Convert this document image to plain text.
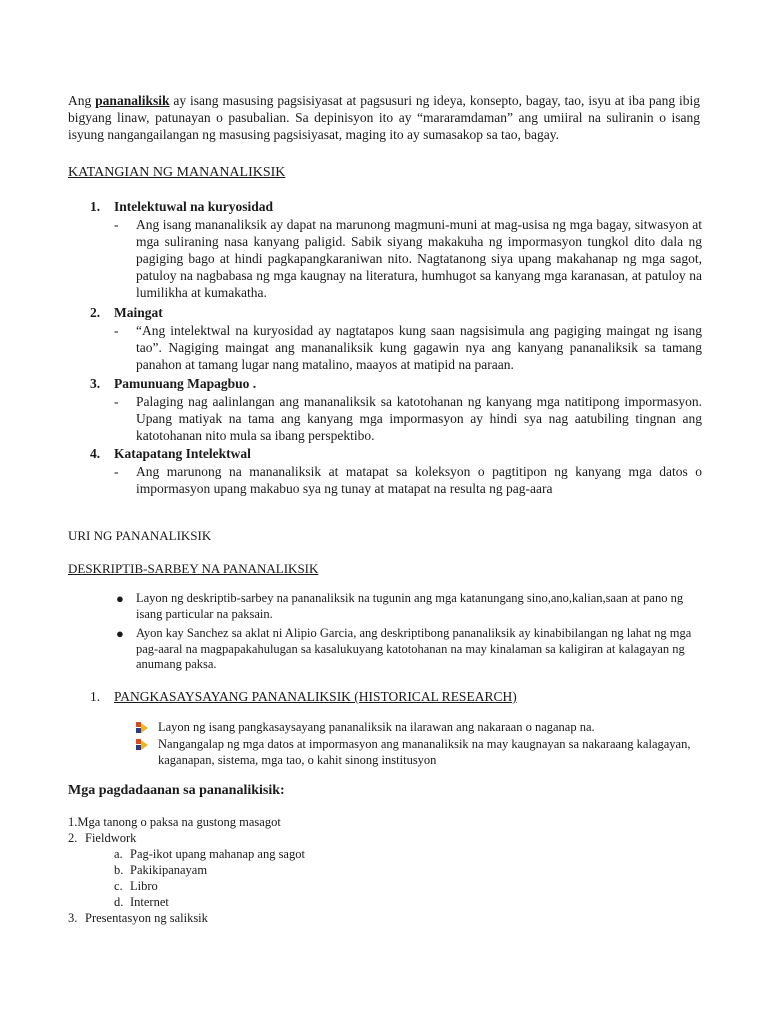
Ang pananaliksik ay isang masusing pagsisiyasat at pagsusuri ng ideya, konsepto, bagay, tao, isyu at iba pang ibig bigyang linaw, patunayan o pasubalian. Sa depinisyon ito ay “mararamdaman” ang umiiral na suliranin o isang isyung nangangailangan ng masusing pagsisiyasat, maging ito ay sumasakop sa tao, bagay.
KATANGIAN NG MANANALIKSIK
1. Intelektuwal na kuryosidad
- Ang isang mananaliksik ay dapat na marunong magmuni-muni at mag-usisa ng mga bagay, sitwasyon at mga suliraning nasa kanyang paligid. Sabik siyang makakuha ng impormasyon tungkol dito dala ng pagiging bago at hindi pagkapangkaraniwan nito. Nagtatanong siya upang makahanap ng mga sagot, patuloy na nagbabasa ng mga kaugnay na literatura, humhugot sa kanyang mga karanasan, at patuloy na lumilikha at kumakatha.
2. Maingat
- “Ang intelektwal na kuryosidad ay nagtatapos kung saan nagsisimula ang pagiging maingat ng isang tao”. Nagiging maingat ang mananaliksik kung gagawin nya ang kanyang pananaliksik sa tamang panahon at tamang lugar nang matalino, maayos at matipid na paraan.
3. Pamunuang Mapagbuo .
- Palaging nag aalinlangan ang mananaliksik sa katotohanan ng kanyang mga natitipong impormasyon. Upang matiyak na tama ang kanyang mga impormasyon ay hindi sya nag aatubiling tingnan ang katotohanan nito mula sa ibang perspektibo.
4. Katapatang Intelektwal
- Ang marunong na mananaliksik at matapat sa koleksyon o pagtitipon ng kanyang mga datos o impormasyon upang makabuo sya ng tunay at matapat na resulta ng pag-aara
URI NG PANANALIKSIK
DESKRIPTIB-SARBEY NA PANANALIKSIK
● Layon ng deskriptib-sarbey na pananaliksik na tugunin ang mga katanungang sino,ano,kalian,saan at pano ng isang particular na paksain.
● Ayon kay Sanchez sa aklat ni Alipio Garcia, ang deskriptibong pananaliksik ay kinabibilangan ng lahat ng mga pag-aaral na magpapakahulugan sa kasalukuyang katotohanan na may kinalaman sa kaligiran at kalagayan ng anumang paksa.
1. PANGKASAYSAYANG PANANALIKSIK (HISTORICAL RESEARCH)
Layon ng isang pangkasaysayang pananaliksik na ilarawan ang nakaraan o naganap na.
Nangangalap ng mga datos at impormasyon ang mananaliksik na may kaugnayan sa nakaraang kalagayan, kaganapan, sistema, mga tao, o kahit sinong institusyon
Mga pagdadaanan sa pananalikisik:
1.Mga tanong o paksa na gustong masagot
2. Fieldwork
a. Pag-ikot upang mahanap ang sagot
b. Pakikipanayam
c. Libro
d. Internet
3. Presentasyon ng saliksik
